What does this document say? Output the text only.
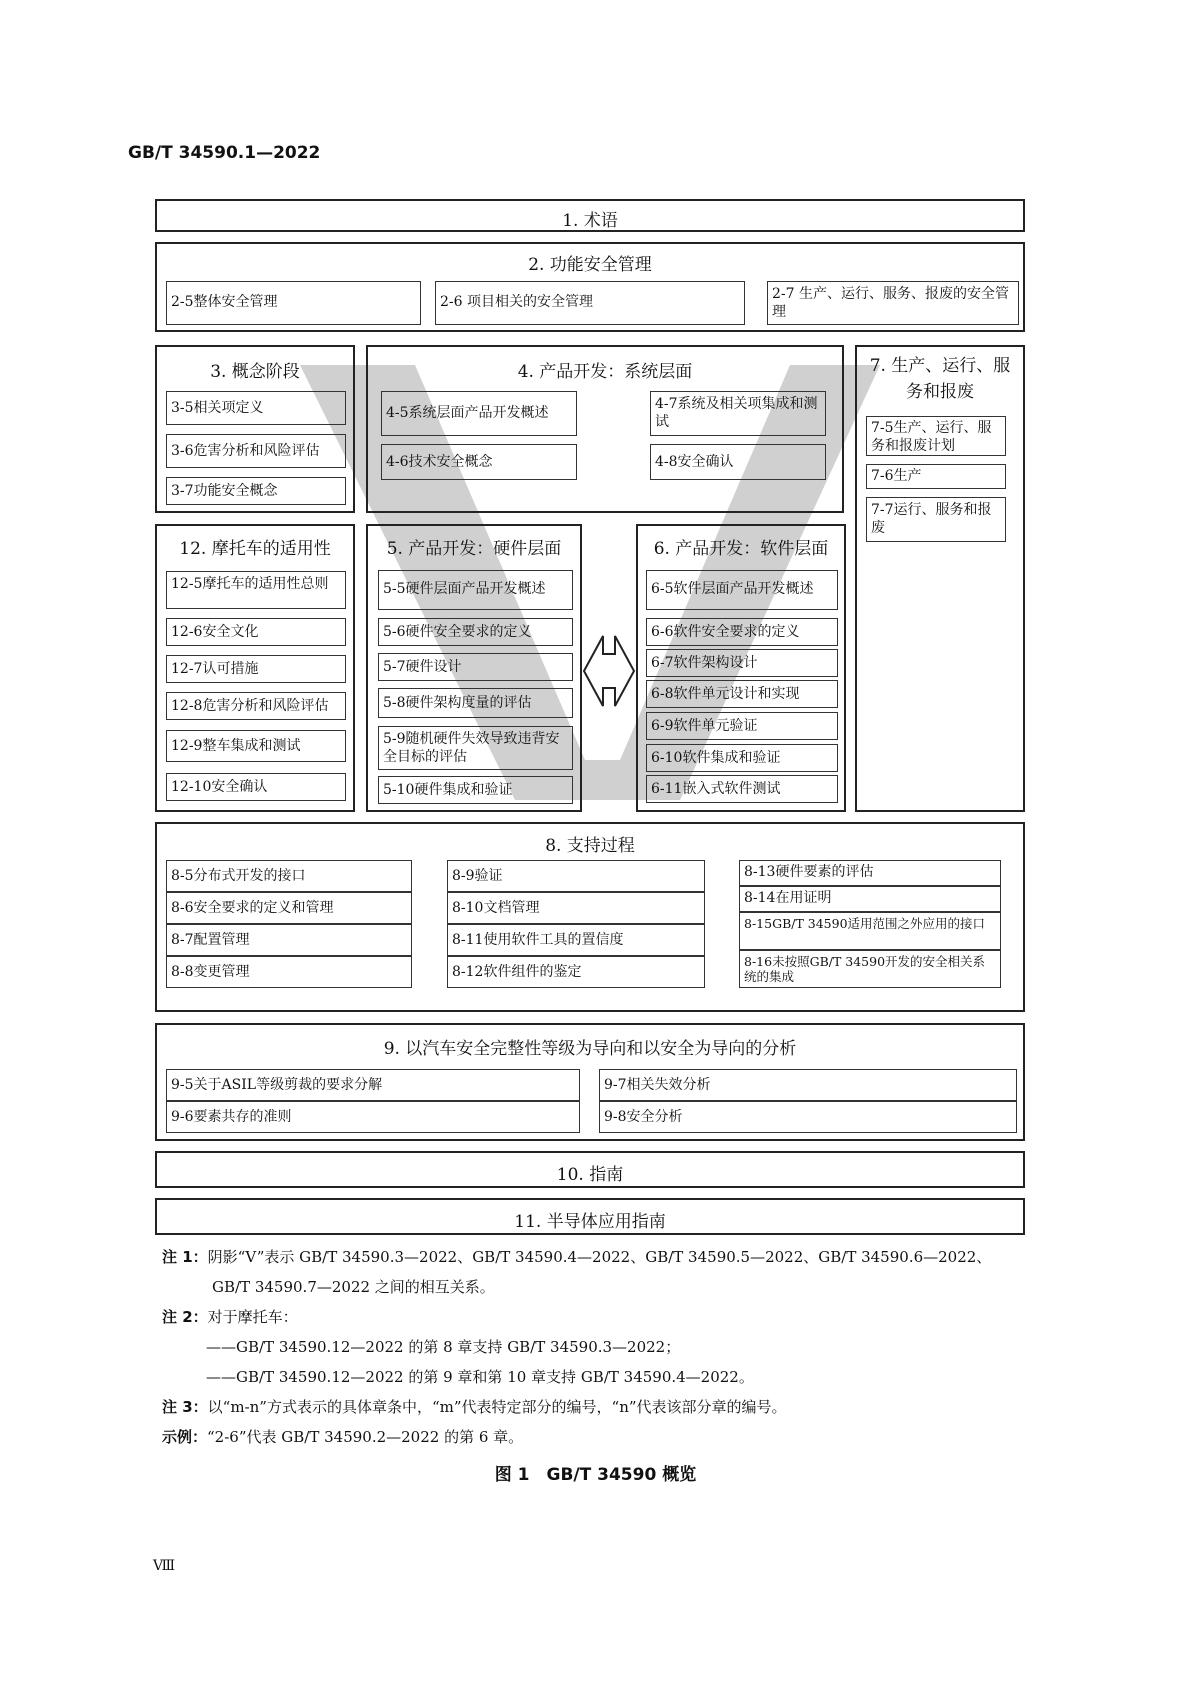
GB/T 34590.1—2022
1. 术语
2. 功能安全管理
2-5整体安全管理	2-6 项目相关的安全管理	2-7 生产、运行、服务、报废的安全管理
3. 概念阶段
3-5相关项定义
3-6危害分析和风险评估
3-7功能安全概念
4. 产品开发：系统层面
4-5系统层面产品开发概述
4-6技术安全概念
4-7系统及相关项集成和测试
4-8安全确认
7. 生产、运行、服务和报废
7-5生产、运行、服务和报废计划
7-6生产
7-7运行、服务和报废
12. 摩托车的适用性
12-5摩托车的适用性总则
12-6安全文化
12-7认可措施
12-8危害分析和风险评估
12-9整车集成和测试
12-10安全确认
5. 产品开发：硬件层面
5-5硬件层面产品开发概述
5-6硬件安全要求的定义
5-7硬件设计
5-8硬件架构度量的评估
5-9随机硬件失效导致违背安全目标的评估
5-10硬件集成和验证
6. 产品开发：软件层面
6-5软件层面产品开发概述
6-6软件安全要求的定义
6-7软件架构设计
6-8软件单元设计和实现
6-9软件单元验证
6-10软件集成和验证
6-11嵌入式软件测试
8. 支持过程
8-5分布式开发的接口
8-6安全要求的定义和管理
8-7配置管理
8-8变更管理
8-9验证
8-10文档管理
8-11使用软件工具的置信度
8-12软件组件的鉴定
8-13硬件要素的评估
8-14在用证明
8-15GB/T 34590适用范围之外应用的接口
8-16未按照GB/T 34590开发的安全相关系统的集成
9. 以汽车安全完整性等级为导向和以安全为导向的分析
9-5关于ASIL等级剪裁的要求分解
9-6要素共存的准则
9-7相关失效分析
9-8安全分析
10. 指南
11. 半导体应用指南
注 1：阴影“V”表示 GB/T 34590.3—2022、GB/T 34590.4—2022、GB/T 34590.5—2022、GB/T 34590.6—2022、
GB/T 34590.7—2022 之间的相互关系。
注 2：对于摩托车：
——GB/T 34590.12—2022 的第 8 章支持 GB/T 34590.3—2022；
——GB/T 34590.12—2022 的第 9 章和第 10 章支持 GB/T 34590.4—2022。
注 3：以“m-n”方式表示的具体章条中，“m”代表特定部分的编号，“n”代表该部分章的编号。
示例：“2-6”代表 GB/T 34590.2—2022 的第 6 章。
图 1　GB/T 34590 概览
Ⅷ
